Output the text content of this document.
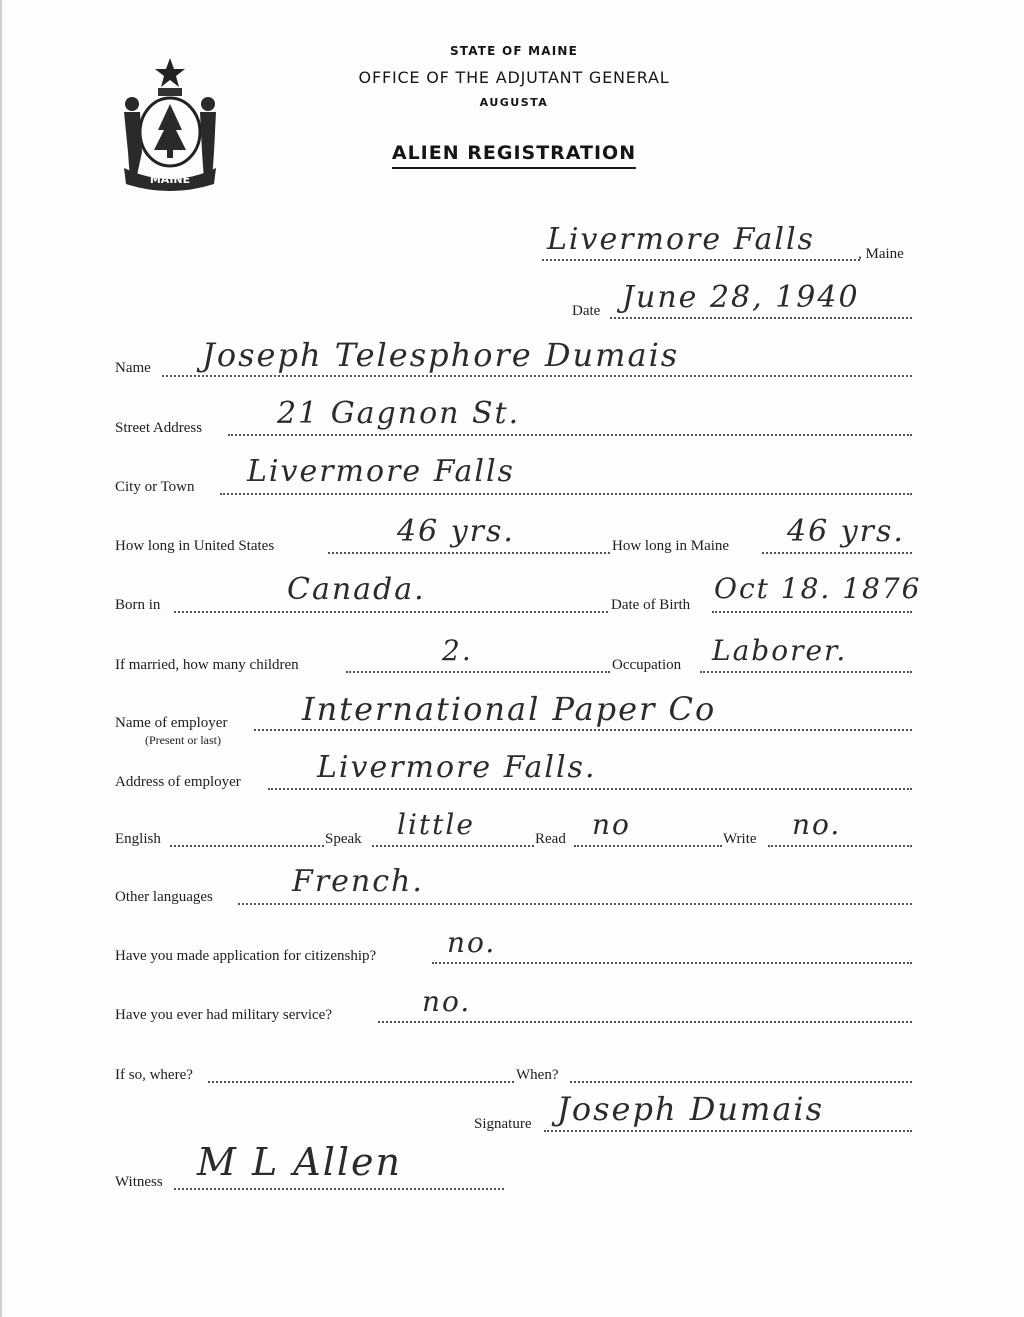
MAINE
STATE OF MAINE
OFFICE OF THE ADJUTANT GENERAL
AUGUSTA
ALIEN REGISTRATION
Livermore Falls	, Maine
Date June 28, 1940
Name Joseph Telesphore Dumais
Street Address 21 Gagnon St.
City or Town Livermore Falls
How long in United States	46 yrs.	How long in Maine 46 yrs.
Born in	Canada.	Date of Birth Oct 18. 1876
If married, how many children	2.	Occupation Laborer.
Name of employer
(Present or last)
International Paper Co
Address of employer	Livermore Falls.
English	Speak little	Read no	Write no.
Other languages	French.
Have you made application for citizenship?	no.
Have you ever had military service?	no.
If so, where?	When?
Signature Joseph Dumais
Witness M L Allen
